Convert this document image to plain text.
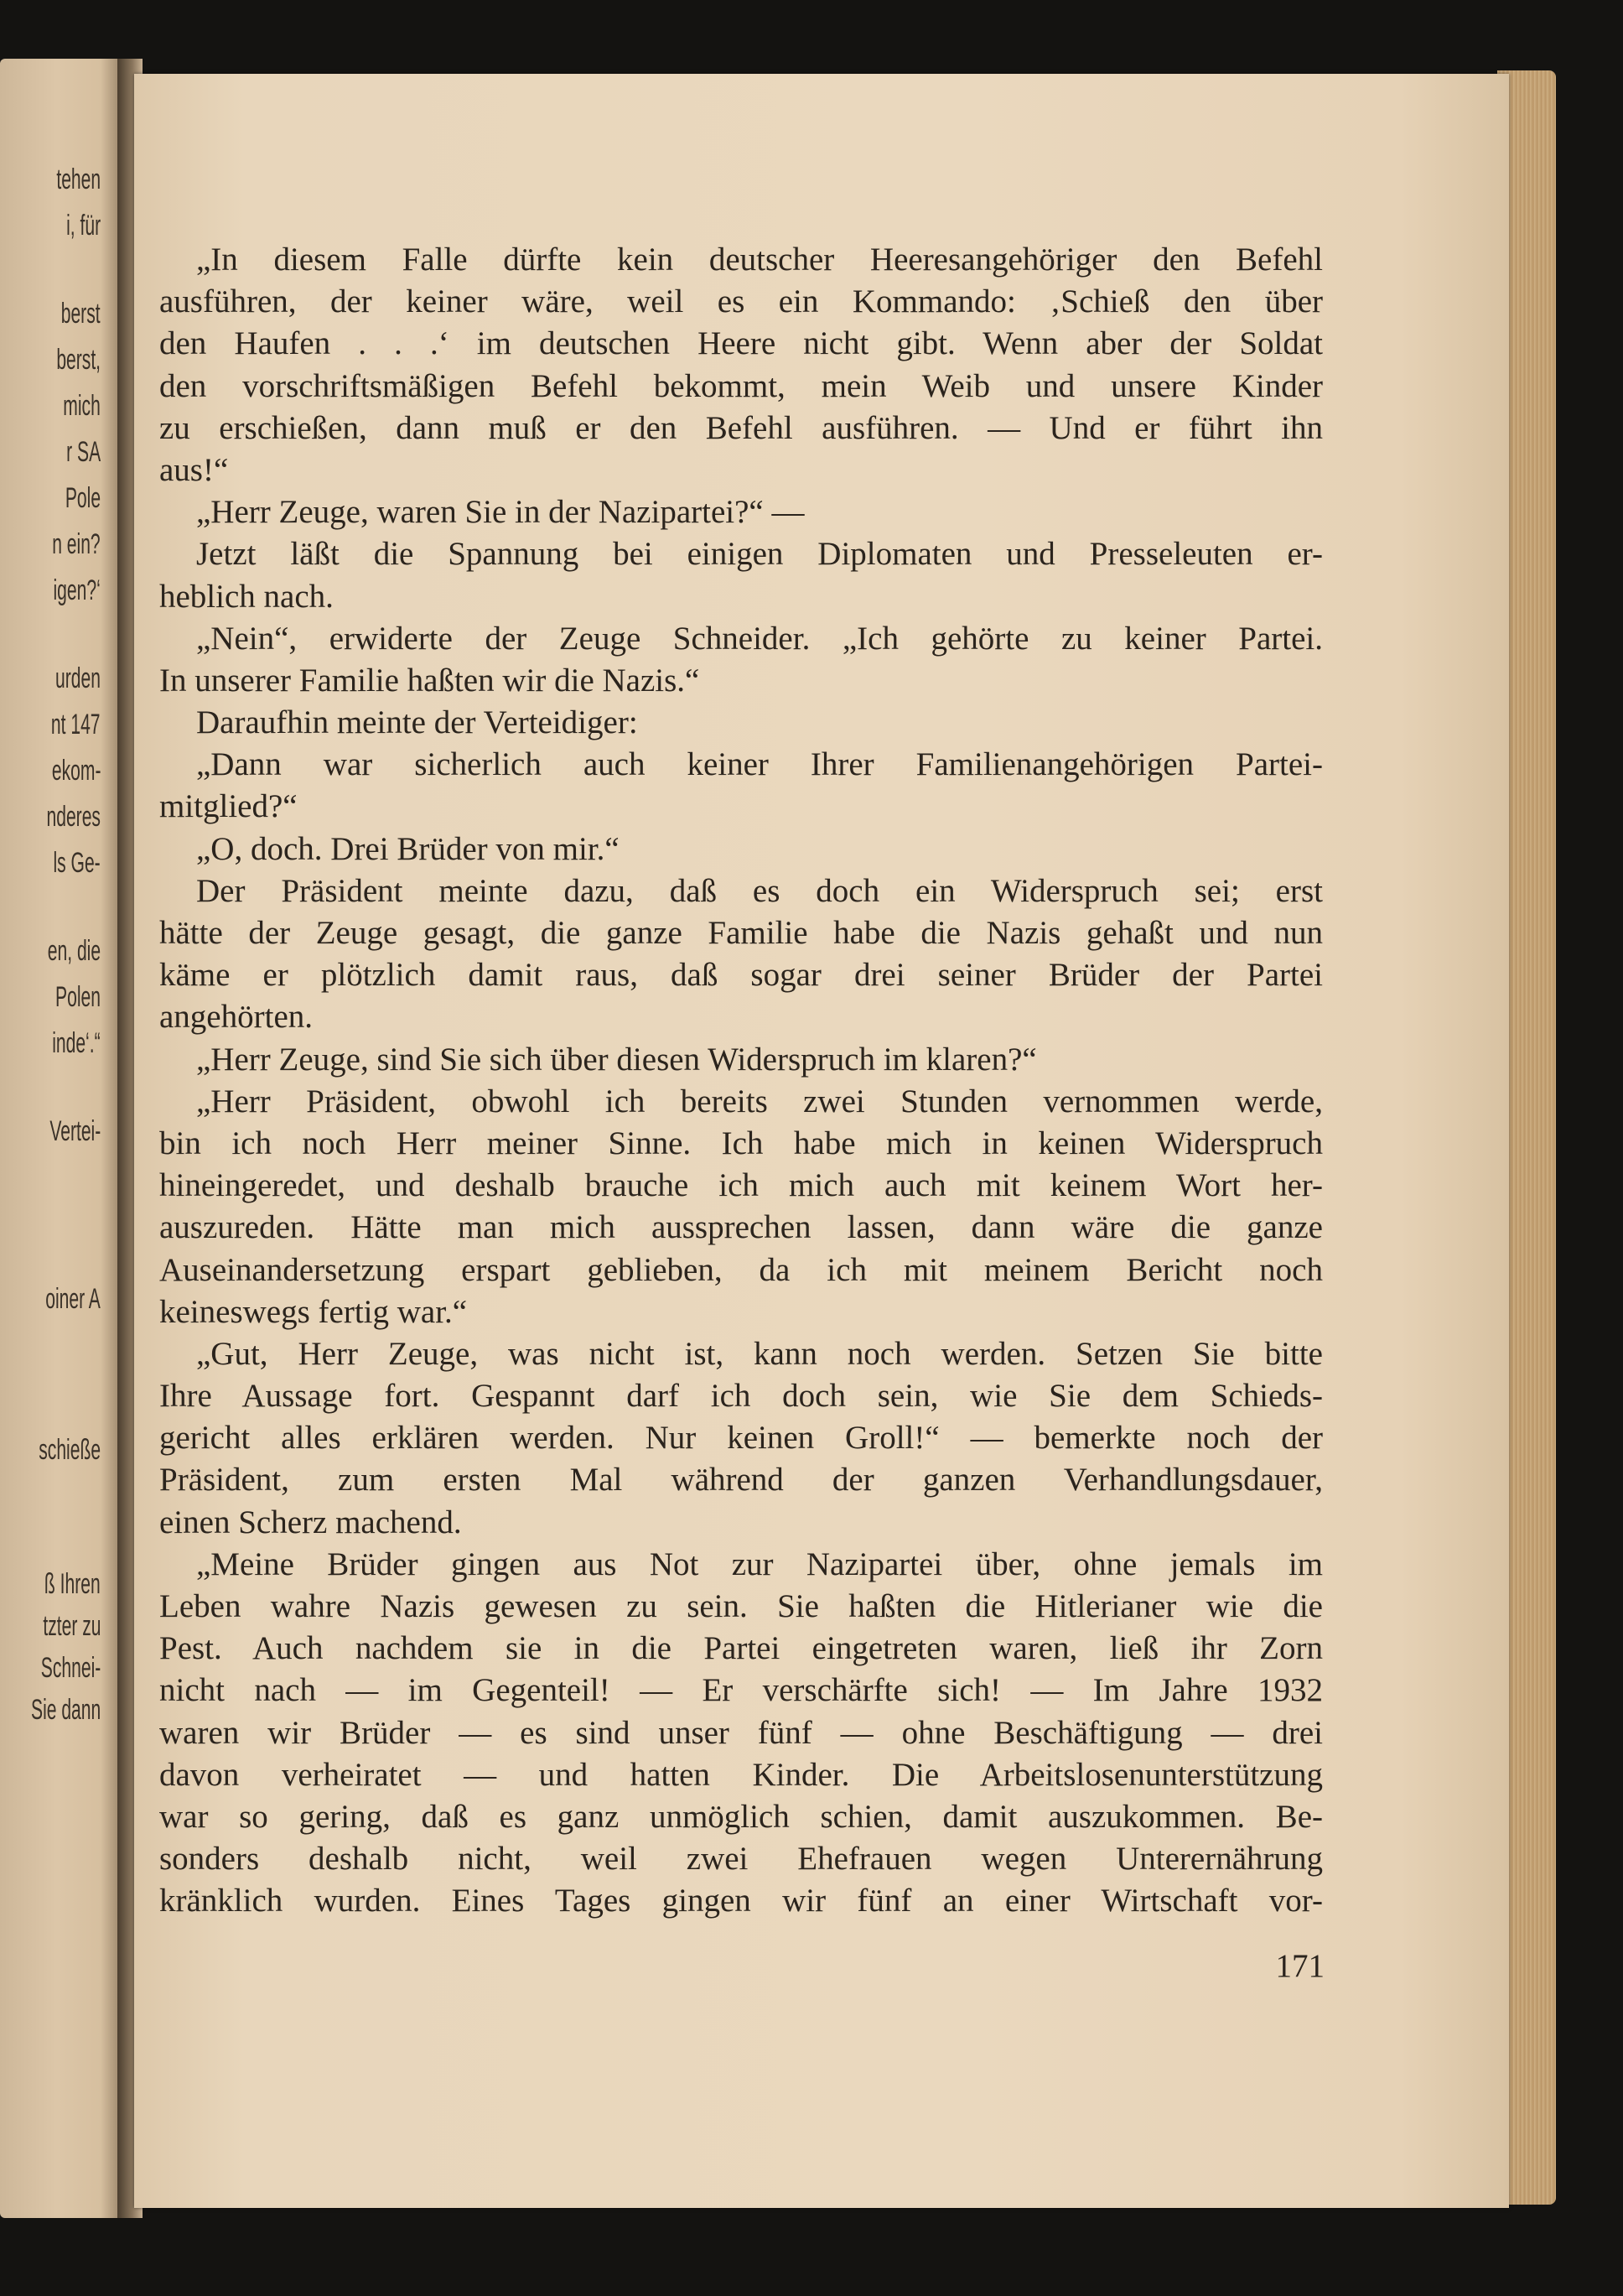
tehen
i, für
berst
berst,
mich
r SA
Pole
n ein?
igen?‘
urden
nt 147
ekom-
nderes
ls Ge-
en, die
Polen
inde‘.“
Vertei-
oiner A
schieße
ß Ihren
tzter zu
Schnei-
Sie dann
„In diesem Falle dürfte kein deutscher Heeresangehöriger den Befehl
ausführen, der keiner wäre, weil es ein Kommando: ‚Schieß den über
den Haufen . . .‘ im deutschen Heere nicht gibt. Wenn aber der Soldat
den vorschriftsmäßigen Befehl bekommt, mein Weib und unsere Kinder
zu erschießen, dann muß er den Befehl ausführen. — Und er führt ihn
aus!“
„Herr Zeuge, waren Sie in der Nazipartei?“ —
Jetzt läßt die Spannung bei einigen Diplomaten und Presseleuten er-
heblich nach.
„Nein“, erwiderte der Zeuge Schneider. „Ich gehörte zu keiner Partei.
In unserer Familie haßten wir die Nazis.“
Daraufhin meinte der Verteidiger:
„Dann war sicherlich auch keiner Ihrer Familienangehörigen Partei-
mitglied?“
„O, doch. Drei Brüder von mir.“
Der Präsident meinte dazu, daß es doch ein Widerspruch sei; erst
hätte der Zeuge gesagt, die ganze Familie habe die Nazis gehaßt und nun
käme er plötzlich damit raus, daß sogar drei seiner Brüder der Partei
angehörten.
„Herr Zeuge, sind Sie sich über diesen Widerspruch im klaren?“
„Herr Präsident, obwohl ich bereits zwei Stunden vernommen werde,
bin ich noch Herr meiner Sinne. Ich habe mich in keinen Widerspruch
hineingeredet, und deshalb brauche ich mich auch mit keinem Wort her-
auszureden. Hätte man mich aussprechen lassen, dann wäre die ganze
Auseinandersetzung erspart geblieben, da ich mit meinem Bericht noch
keineswegs fertig war.“
„Gut, Herr Zeuge, was nicht ist, kann noch werden. Setzen Sie bitte
Ihre Aussage fort. Gespannt darf ich doch sein, wie Sie dem Schieds-
gericht alles erklären werden. Nur keinen Groll!“ — bemerkte noch der
Präsident, zum ersten Mal während der ganzen Verhandlungsdauer,
einen Scherz machend.
„Meine Brüder gingen aus Not zur Nazipartei über, ohne jemals im
Leben wahre Nazis gewesen zu sein. Sie haßten die Hitlerianer wie die
Pest. Auch nachdem sie in die Partei eingetreten waren, ließ ihr Zorn
nicht nach — im Gegenteil! — Er verschärfte sich! — Im Jahre 1932
waren wir Brüder — es sind unser fünf — ohne Beschäftigung — drei
davon verheiratet — und hatten Kinder. Die Arbeitslosenunterstützung
war so gering, daß es ganz unmöglich schien, damit auszukommen. Be-
sonders deshalb nicht, weil zwei Ehefrauen wegen Unterernährung
kränklich wurden. Eines Tages gingen wir fünf an einer Wirtschaft vor-
171
